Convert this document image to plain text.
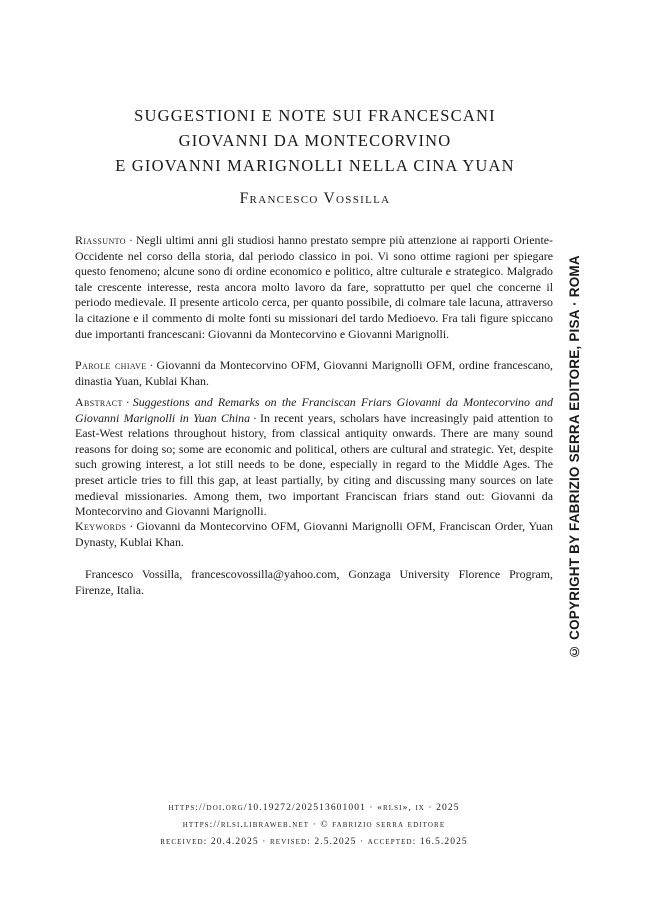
SUGGESTIONI E NOTE SUI FRANCESCANI
GIOVANNI DA MONTECORVINO
E GIOVANNI MARIGNOLLI NELLA CINA YUAN
Francesco Vossilla

Riassunto · Negli ultimi anni gli studiosi hanno prestato sempre più attenzione ai rapporti Oriente-Occidente nel corso della storia, dal periodo classico in poi. Vi sono ottime ragioni per spiegare questo fenomeno; alcune sono di ordine economico e politico, altre culturale e strategico. Malgrado tale crescente interesse, resta ancora molto lavoro da fare, soprattutto per quel che concerne il periodo medievale. Il presente articolo cerca, per quanto possibile, di colmare tale lacuna, attraverso la citazione e il commento di molte fonti su missionari del tardo Medioevo. Fra tali figure spiccano due importanti francescani: Giovanni da Montecorvino e Giovanni Marignolli.

Parole chiave · Giovanni da Montecorvino OFM, Giovanni Marignolli OFM, ordine francescano, dinastia Yuan, Kublai Khan.

Abstract · Suggestions and Remarks on the Franciscan Friars Giovanni da Montecorvino and Giovanni Marignolli in Yuan China · In recent years, scholars have increasingly paid attention to East-West relations throughout history, from classical antiquity onwards. There are many sound reasons for doing so; some are economic and political, others are cultural and strategic. Yet, despite such growing interest, a lot still needs to be done, especially in regard to the Middle Ages. The preset article tries to fill this gap, at least partially, by citing and discussing many sources on late medieval missionaries. Among them, two important Franciscan friars stand out: Giovanni da Montecorvino and Giovanni Marignolli.

Keywords · Giovanni da Montecorvino OFM, Giovanni Marignolli OFM, Franciscan Order, Yuan Dynasty, Kublai Khan.

Francesco Vossilla, francescovossilla@yahoo.com, Gonzaga University Florence Program, Firenze, Italia.

https://doi.org/10.19272/202513601001 · «rlsi», ix · 2025
https://rlsi.libraweb.net · © fabrizio serra editore
received: 20.4.2025 · revised: 2.5.2025 · accepted: 16.5.2025
© COPYRIGHT BY FABRIZIO SERRA EDITORE, PISA · ROMA
